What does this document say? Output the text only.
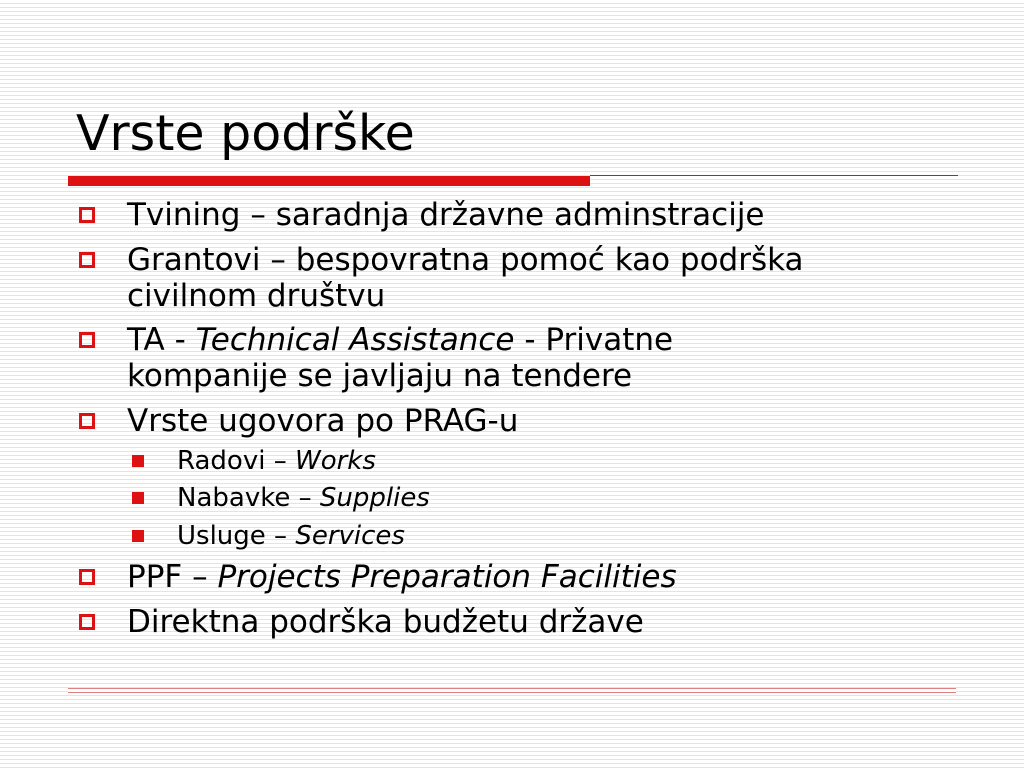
Vrste podrške
Tvining – saradnja državne adminstracije
Grantovi – bespovratna pomoć kao podrška
civilnom društvu
TA - Technical Assistance - Privatne
kompanije se javljaju na tendere
Vrste ugovora po PRAG-u
Radovi – Works
Nabavke – Supplies
Usluge – Services
PPF – Projects Preparation Facilities
Direktna podrška budžetu države
